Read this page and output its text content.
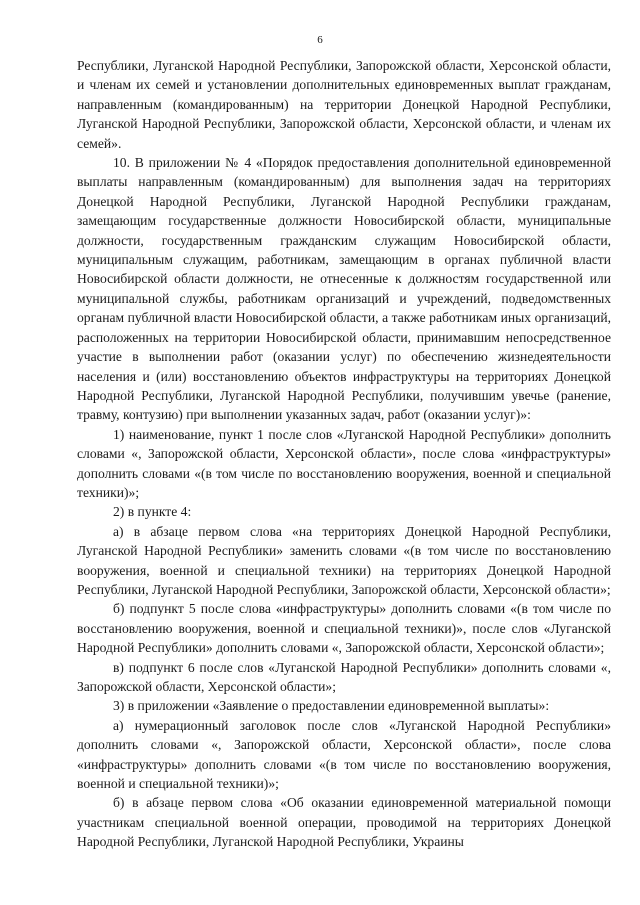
6

Республики, Луганской Народной Республики, Запорожской области, Херсонской области, и членам их семей и установлении дополнительных единовременных выплат гражданам, направленным (командированным) на территории Донецкой Народной Республики, Луганской Народной Республики, Запорожской области, Херсонской области, и членам их семей».

10. В приложении № 4 «Порядок предоставления дополнительной единовременной выплаты направленным (командированным) для выполнения задач на территориях Донецкой Народной Республики, Луганской Народной Республики гражданам, замещающим государственные должности Новосибирской области, муниципальные должности, государственным гражданским служащим Новосибирской области, муниципальным служащим, работникам, замещающим в органах публичной власти Новосибирской области должности, не отнесенные к должностям государственной или муниципальной службы, работникам организаций и учреждений, подведомственных органам публичной власти Новосибирской области, а также работникам иных организаций, расположенных на территории Новосибирской области, принимавшим непосредственное участие в выполнении работ (оказании услуг) по обеспечению жизнедеятельности населения и (или) восстановлению объектов инфраструктуры на территориях Донецкой Народной Республики, Луганской Народной Республики, получившим увечье (ранение, травму, контузию) при выполнении указанных задач, работ (оказании услуг)»:

1) наименование, пункт 1 после слов «Луганской Народной Республики» дополнить словами «, Запорожской области, Херсонской области», после слова «инфраструктуры» дополнить словами «(в том числе по восстановлению вооружения, военной и специальной техники)»;

2) в пункте 4:

а) в абзаце первом слова «на территориях Донецкой Народной Республики, Луганской Народной Республики» заменить словами «(в том числе по восстановлению вооружения, военной и специальной техники) на территориях Донецкой Народной Республики, Луганской Народной Республики, Запорожской области, Херсонской области»;

б) подпункт 5 после слова «инфраструктуры» дополнить словами «(в том числе по восстановлению вооружения, военной и специальной техники)», после слов «Луганской Народной Республики» дополнить словами «, Запорожской области, Херсонской области»;

в) подпункт 6 после слов «Луганской Народной Республики» дополнить словами «, Запорожской области, Херсонской области»;

3) в приложении «Заявление о предоставлении единовременной выплаты»:

а) нумерационный заголовок после слов «Луганской Народной Республики» дополнить словами «, Запорожской области, Херсонской области», после слова «инфраструктуры» дополнить словами «(в том числе по восстановлению вооружения, военной и специальной техники)»;

б) в абзаце первом слова «Об оказании единовременной материальной помощи участникам специальной военной операции, проводимой на территориях Донецкой Народной Республики, Луганской Народной Республики, Украины
